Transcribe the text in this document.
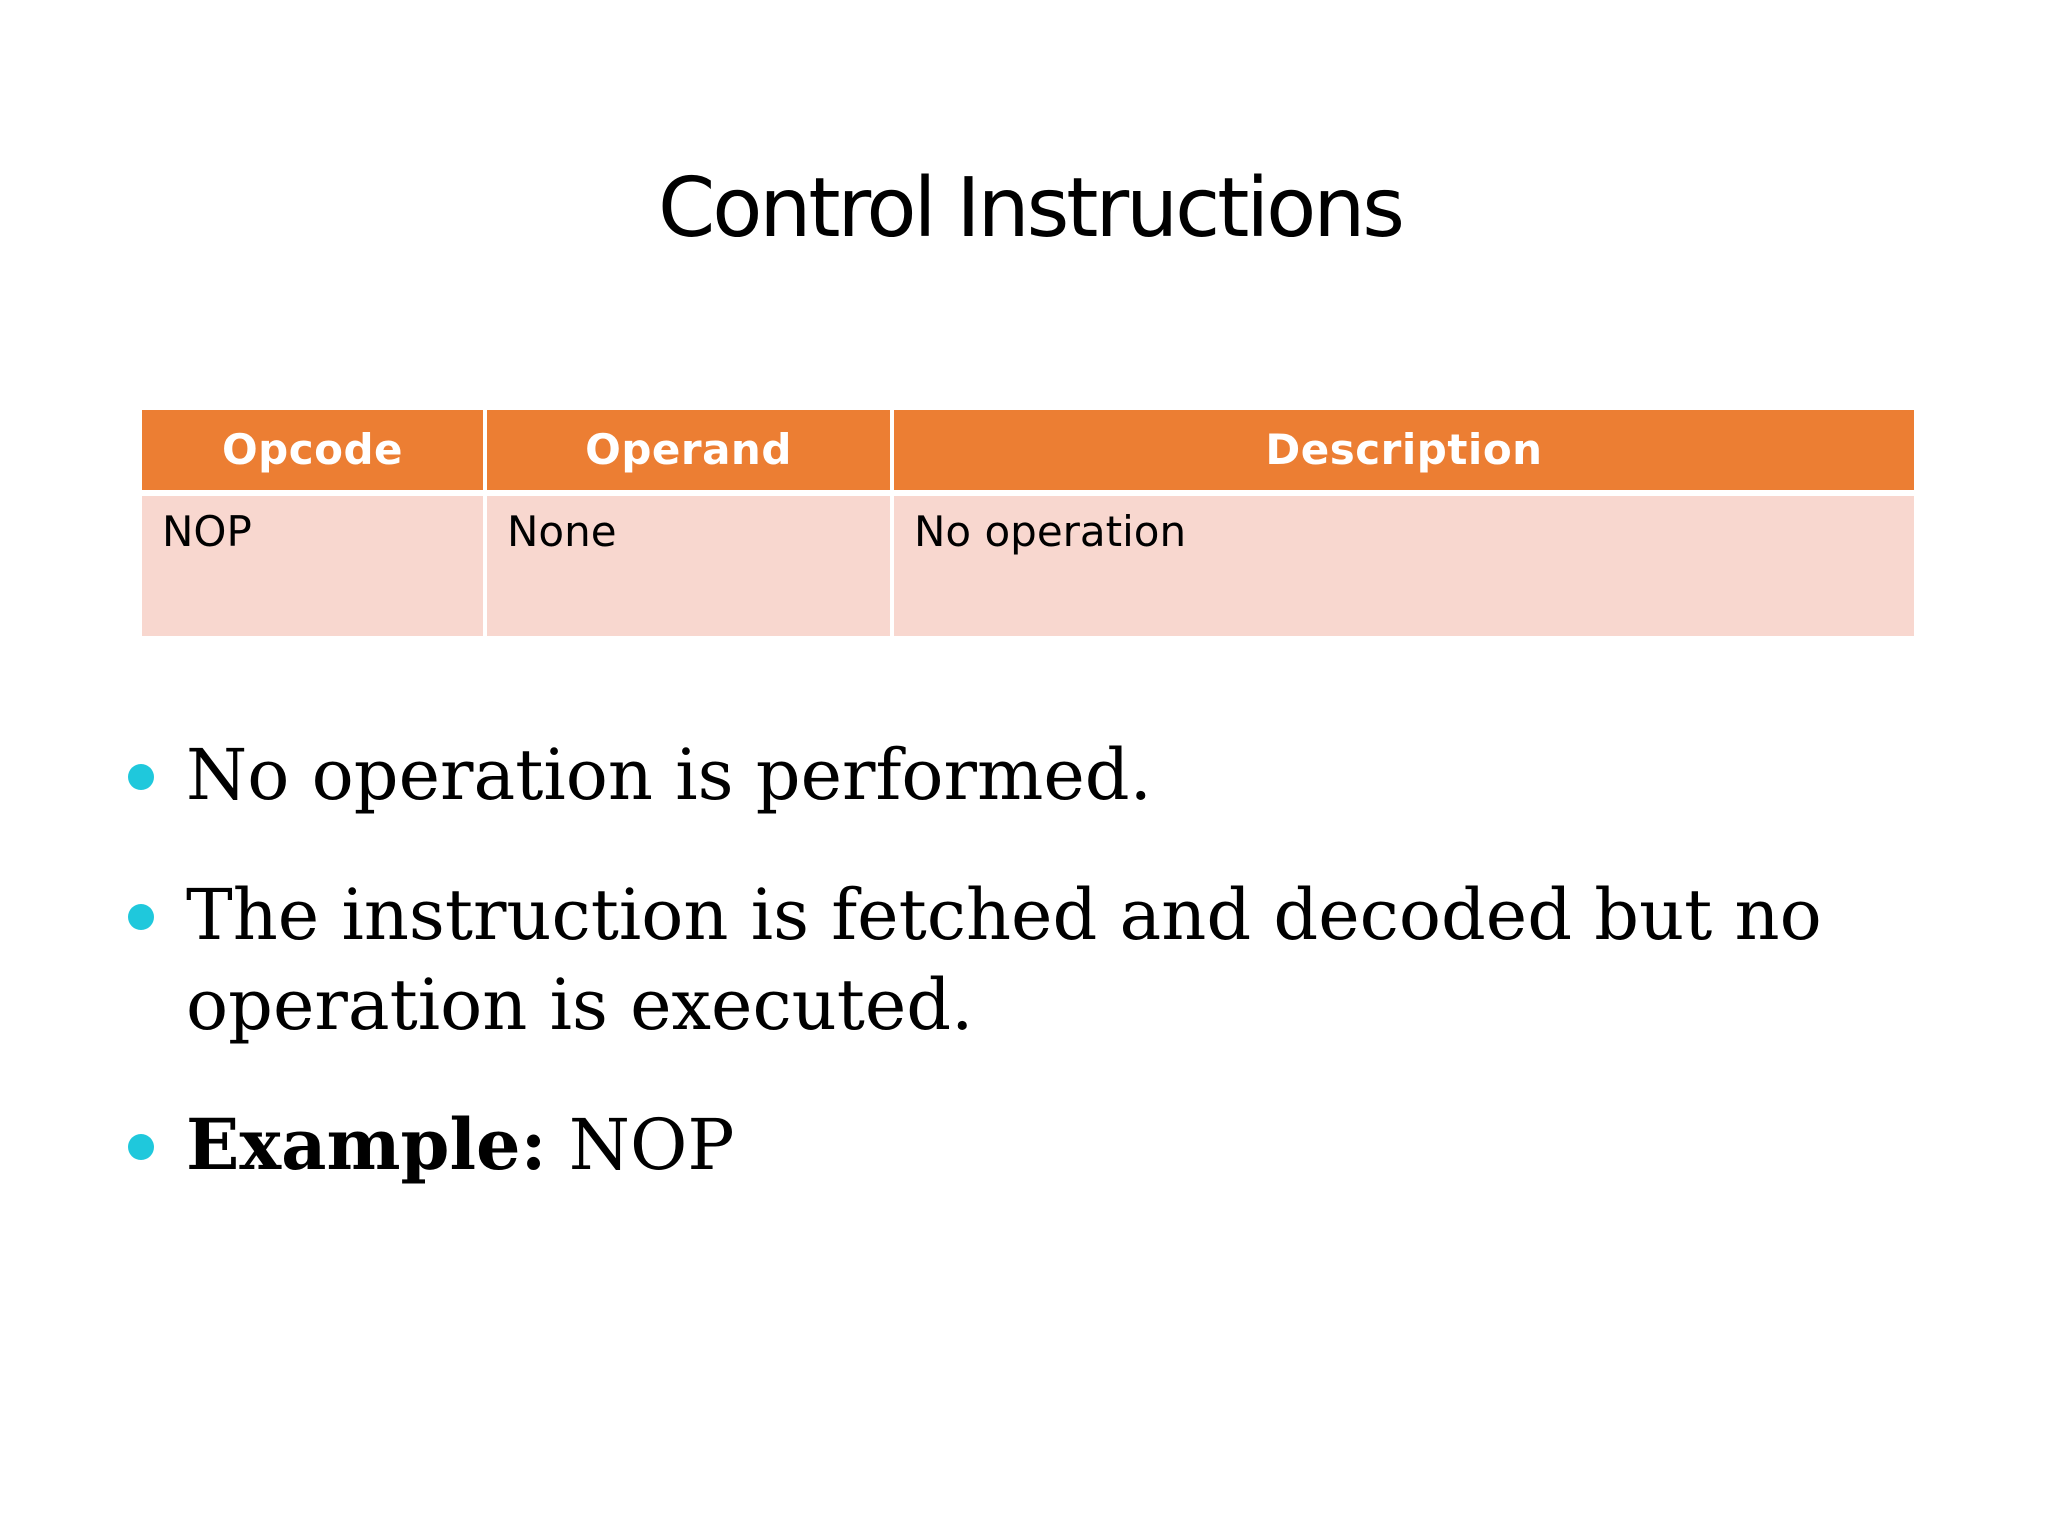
Control Instructions
Opcode	Operand	Description
NOP	None	No operation
No operation is performed.
The instruction is fetched and decoded but no operation is executed.
Example: NOP
